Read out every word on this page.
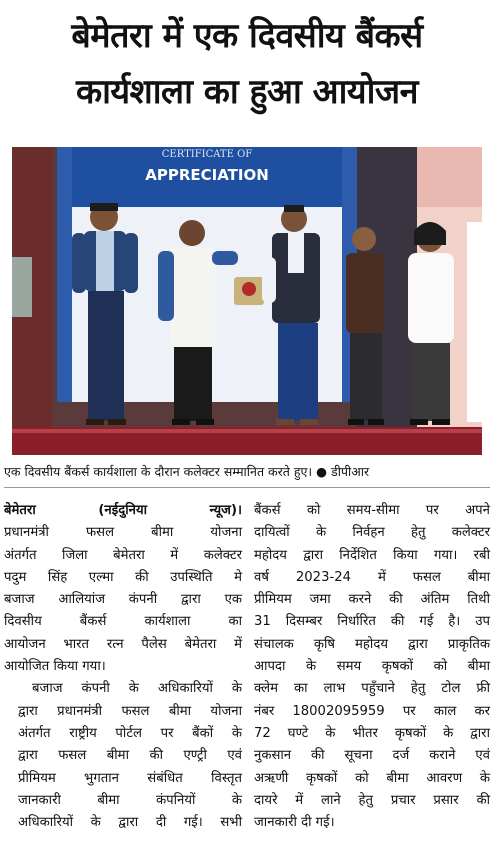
बेमेतरा में एक दिवसीय बैंकर्स
कार्यशाला का हुआ आयोजन
CERTIFICATE OF
APPRECIATION
एक दिवसीय बैंकर्स कार्यशाला के दौरान कलेक्टर सम्मानित करते हुए। ● डीपीआर

बेमेतरा (नईदुनिया न्यूज)।
प्रधानमंत्री फसल बीमा योजना
अंतर्गत जिला बेमेतरा में कलेक्टर
पदुम सिंह एल्मा की उपस्थिति मे
बजाज आलियांज कंपनी द्वारा एक
दिवसीय बैंकर्स कार्यशाला का
आयोजन भारत रत्न पैलेस बेमेतरा में
आयोजित किया गया।

बजाज कंपनी के अधिकारियों के
द्वारा प्रधानमंत्री फसल बीमा योजना
अंतर्गत राष्ट्रीय पोर्टल पर बैंकों के
द्वारा फसल बीमा की एण्ट्री एवं
प्रीमियम भुगतान संबंधित विस्तृत
जानकारी बीमा कंपनियों के
अधिकारियों के द्वारा दी गई। सभी

बैंकर्स को समय-सीमा पर अपने
दायित्वों के निर्वहन हेतु कलेक्टर
महोदय द्वारा निर्देशित किया गया। रबी
वर्ष 2023-24 में फसल बीमा
प्रीमियम जमा करने की अंतिम तिथी
31 दिसम्बर निर्धारित की गई है। उप
संचालक कृषि महोदय द्वारा प्राकृतिक
आपदा के समय कृषकों को बीमा
क्लेम का लाभ पहुँचाने हेतु टोल फ्री
नंबर 18002095959 पर काल कर
72 घण्टे के भीतर कृषकों के द्वारा
नुकसान की सूचना दर्ज कराने एवं
अऋणी कृषकों को बीमा आवरण के
दायरे में लाने हेतु प्रचार प्रसार की
जानकारी दी गई।
